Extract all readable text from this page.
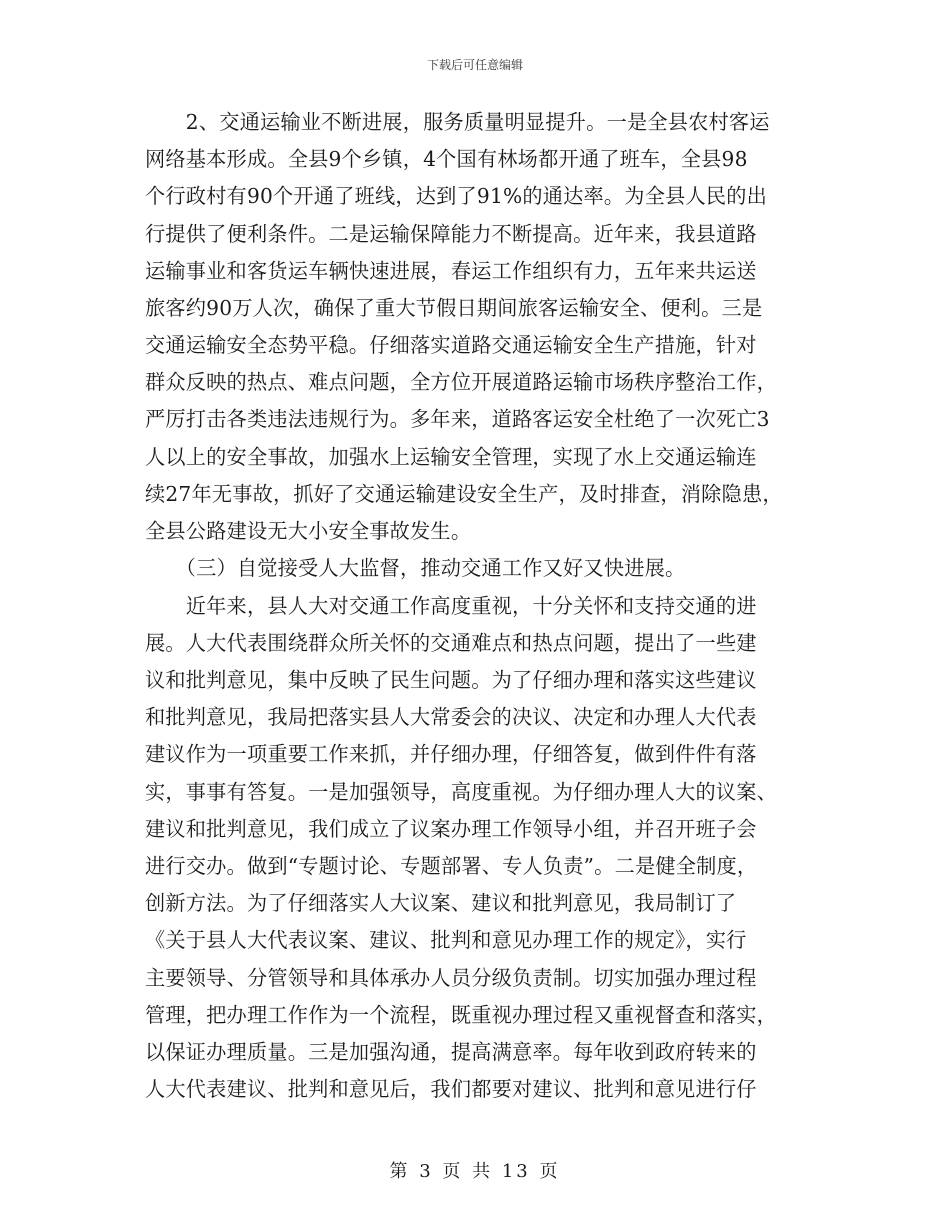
下载后可任意编辑
　　2、交通运输业不断进展，服务质量明显提升。一是全县农村客运
网络基本形成。全县9个乡镇，4个国有林场都开通了班车，全县98
个行政村有90个开通了班线，达到了91%的通达率。为全县人民的出
行提供了便利条件。二是运输保障能力不断提高。近年来，我县道路
运输事业和客货运车辆快速进展，春运工作组织有力，五年来共运送
旅客约90万人次，确保了重大节假日期间旅客运输安全、便利。三是
交通运输安全态势平稳。仔细落实道路交通运输安全生产措施，针对
群众反映的热点、难点问题，全方位开展道路运输市场秩序整治工作，
严厉打击各类违法违规行为。多年来，道路客运安全杜绝了一次死亡3
人以上的安全事故，加强水上运输安全管理，实现了水上交通运输连
续27年无事故，抓好了交通运输建设安全生产，及时排查，消除隐患，
全县公路建设无大小安全事故发生。
　　（三）自觉接受人大监督，推动交通工作又好又快进展。
　　近年来，县人大对交通工作高度重视，十分关怀和支持交通的进
展。人大代表围绕群众所关怀的交通难点和热点问题，提出了一些建
议和批判意见，集中反映了民生问题。为了仔细办理和落实这些建议
和批判意见，我局把落实县人大常委会的决议、决定和办理人大代表
建议作为一项重要工作来抓，并仔细办理，仔细答复，做到件件有落
实，事事有答复。一是加强领导，高度重视。为仔细办理人大的议案、
建议和批判意见，我们成立了议案办理工作领导小组，并召开班子会
进行交办。做到“专题讨论、专题部署、专人负责”。二是健全制度，
创新方法。为了仔细落实人大议案、建议和批判意见，我局制订了
《关于县人大代表议案、建议、批判和意见办理工作的规定》，实行
主要领导、分管领导和具体承办人员分级负责制。切实加强办理过程
管理，把办理工作作为一个流程，既重视办理过程又重视督查和落实，
以保证办理质量。三是加强沟通，提高满意率。每年收到政府转来的
人大代表建议、批判和意见后，我们都要对建议、批判和意见进行仔
第 3 页 共 13 页
